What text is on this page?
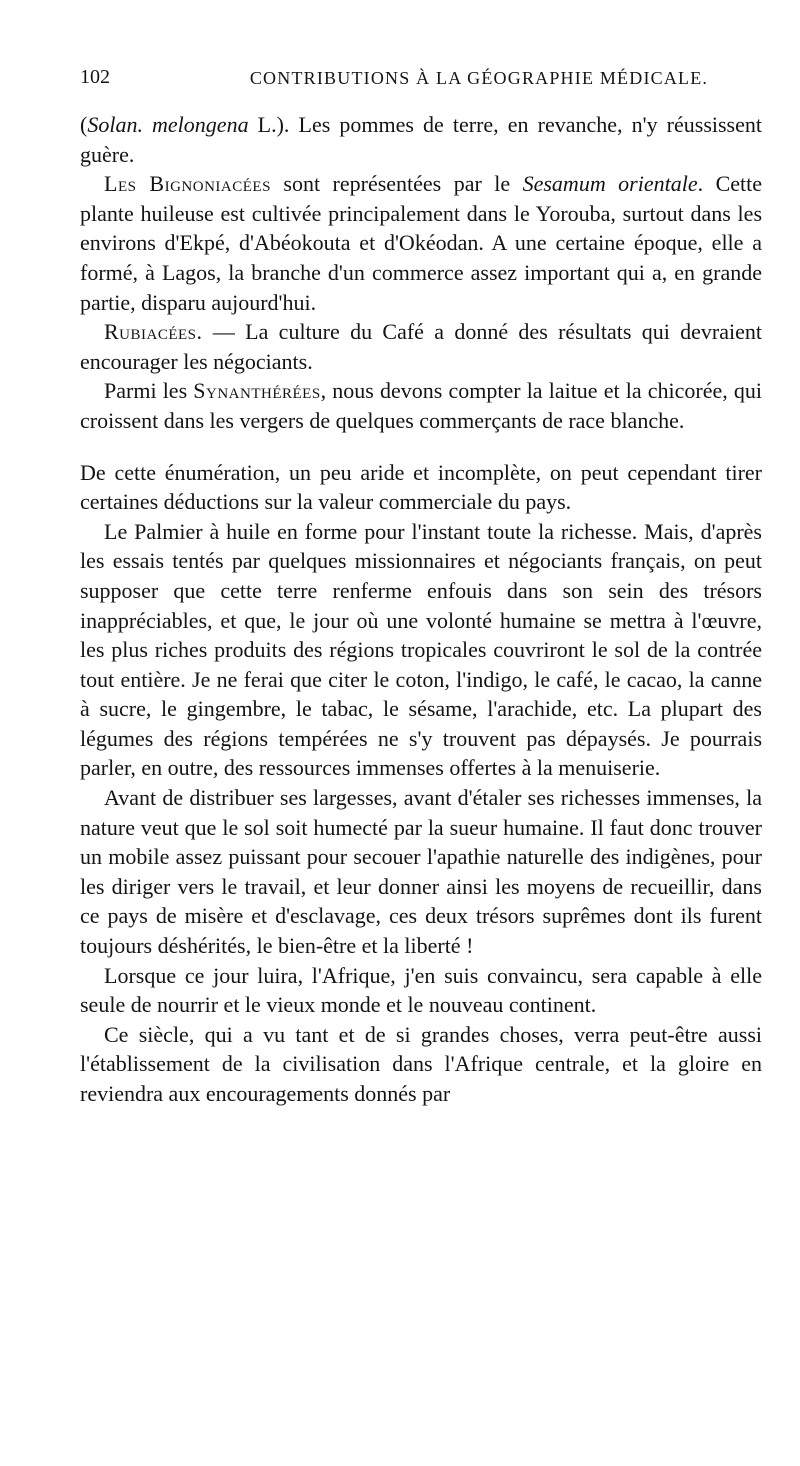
102	CONTRIBUTIONS À LA GÉOGRAPHIE MÉDICALE.

(Solan. melongena L.). Les pommes de terre, en revanche, n'y réussissent guère.

Les Bignoniacées sont représentées par le Sesamum orientale. Cette plante huileuse est cultivée principalement dans le Yorouba, surtout dans les environs d'Ekpé, d'Abéokouta et d'Okéodan. A une certaine époque, elle a formé, à Lagos, la branche d'un commerce assez important qui a, en grande partie, disparu aujourd'hui.

Rubiacées. — La culture du Café a donné des résultats qui devraient encourager les négociants.

Parmi les Synanthérées, nous devons compter la laitue et la chicorée, qui croissent dans les vergers de quelques commerçants de race blanche.

De cette énumération, un peu aride et incomplète, on peut cependant tirer certaines déductions sur la valeur commerciale du pays.

Le Palmier à huile en forme pour l'instant toute la richesse. Mais, d'après les essais tentés par quelques missionnaires et négociants français, on peut supposer que cette terre renferme enfouis dans son sein des trésors inappréciables, et que, le jour où une volonté humaine se mettra à l'œuvre, les plus riches produits des régions tropicales couvriront le sol de la contrée tout entière. Je ne ferai que citer le coton, l'indigo, le café, le cacao, la canne à sucre, le gingembre, le tabac, le sésame, l'arachide, etc. La plupart des légumes des régions tempérées ne s'y trouvent pas dépaysés. Je pourrais parler, en outre, des ressources immenses offertes à la menuiserie.

Avant de distribuer ses largesses, avant d'étaler ses richesses immenses, la nature veut que le sol soit humecté par la sueur humaine. Il faut donc trouver un mobile assez puissant pour secouer l'apathie naturelle des indigènes, pour les diriger vers le travail, et leur donner ainsi les moyens de recueillir, dans ce pays de misère et d'esclavage, ces deux trésors suprêmes dont ils furent toujours déshérités, le bien-être et la liberté !

Lorsque ce jour luira, l'Afrique, j'en suis convaincu, sera capable à elle seule de nourrir et le vieux monde et le nouveau continent.

Ce siècle, qui a vu tant et de si grandes choses, verra peut-être aussi l'établissement de la civilisation dans l'Afrique centrale, et la gloire en reviendra aux encouragements donnés par
